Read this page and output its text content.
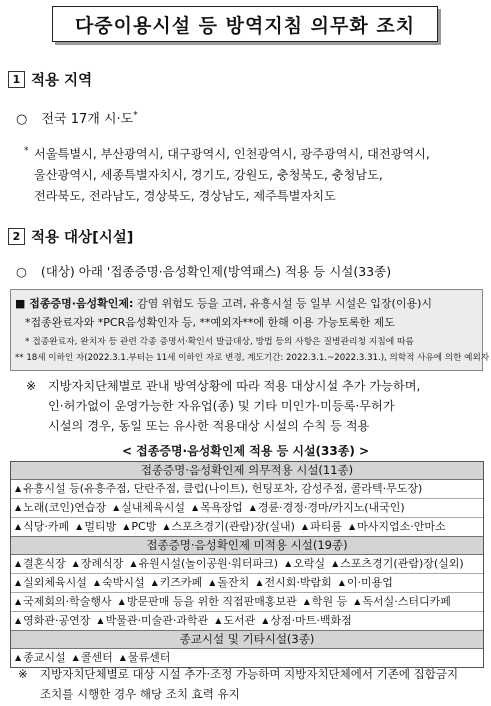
다중이용시설 등 방역지침 의무화 조치
1 적용 지역
○ 전국 17개 시·도*
* 서울특별시, 부산광역시, 대구광역시, 인천광역시, 광주광역시, 대전광역시,
울산광역시, 세종특별자치시, 경기도, 강원도, 충청북도, 충청남도,
전라북도, 전라남도, 경상북도, 경상남도, 제주특별자치도
2 적용 대상[시설]
○ (대상) 아래 '접종증명·음성확인제(방역패스) 적용 등 시설(33종)
■ 접종증명·음성확인제: 감염 위험도 등을 고려, 유흥시설 등 일부 시설은 입장(이용)시
*접종완료자와 *PCR음성확인자 등, **예외자**에 한해 이용 가능토록한 제도
* 접종완료자, 완치자 등 관련 각종 증명서·확인서 발급대상, 방법 등의 사항은 질병관리청 지침에 따름
** 18세 이하인 자(2022.3.1.부터는 11세 이하인 자로 변경, 계도기간: 2022.3.1.~2022.3.31.), 의학적 사유에 의한 예외자
※ 지방자치단체별로 관내 방역상황에 따라 적용 대상시설 추가 가능하며,
인·허가없이 운영가능한 자유업(종) 및 기타 미인가·미등록·무허가
시설의 경우, 동일 또는 유사한 적용대상 시설의 수칙 등 적용
< 접종증명·음성확인제 적용 등 시설(33종) >
접종증명·음성확인제 의무적용 시설(11종)
▲ 유흥시설 등(유흥주점, 단란주점, 클럽(나이트), 헌팅포차, 감성주점, 콜라텍·무도장)
▲ 노래(코인)연습장 ▲ 실내체육시설 ▲ 목욕장업 ▲ 경륜·경정·경마/카지노(내국인)
▲ 식당·카페 ▲ 멀티방 ▲ PC방 ▲ 스포츠경기(관람)장(실내) ▲ 파티룸 ▲ 마사지업소·안마소
접종증명·음성확인제 미적용 시설(19종)
▲ 결혼식장 ▲ 장례식장 ▲ 유원시설(놀이공원·워터파크) ▲ 오락실 ▲ 스포츠경기(관람)장(실외)
▲ 실외체육시설 ▲ 숙박시설 ▲ 키즈카페 ▲ 돌잔치 ▲ 전시회·박람회 ▲ 이·미용업
▲ 국제회의·학술행사 ▲ 방문판매 등을 위한 직접판매홍보관 ▲ 학원 등 ▲ 독서실·스터디카페
▲ 영화관·공연장 ▲ 박물관·미술관·과학관 ▲ 도서관 ▲ 상점·마트·백화점
종교시설 및 기타시설(3종)
▲ 종교시설 ▲ 콜센터 ▲ 물류센터
※ 지방자치단체별로 대상 시설 추가·조정 가능하며 지방자치단체에서 기존에 집합금지
조치를 시행한 경우 해당 조치 효력 유지
